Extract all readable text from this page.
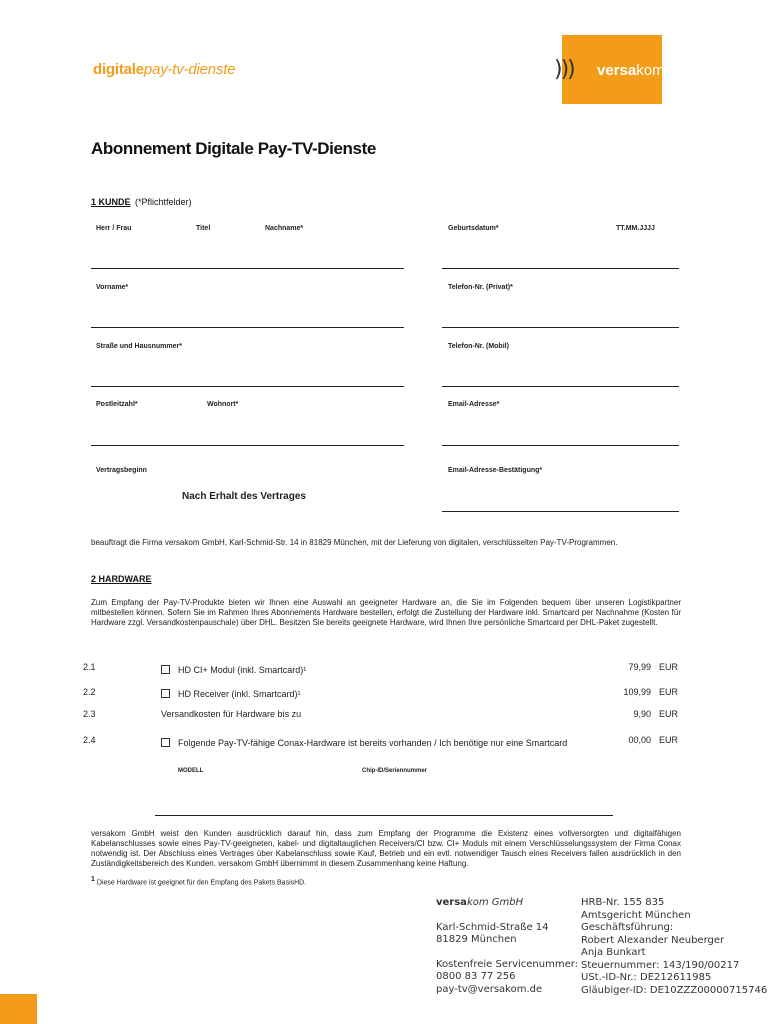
digitalepay-tv-dienste	))) versakom
Abonnement Digitale Pay-TV-Dienste
1 KUNDE (*Pflichtfelder)
Herr / Frau	Titel	Nachname*	Geburtsdatum*	TT.MM.JJJJ
Vorname*	Telefon-Nr. (Privat)*
Straße und Hausnummer*	Telefon-Nr. (Mobil)
Postleitzahl*	Wohnort*	Email-Adresse*
Vertragsbeginn	Email-Adresse-Bestätigung*
Nach Erhalt des Vertrages
beauftragt die Firma versakom GmbH, Karl-Schmid-Str. 14 in 81829 München, mit der Lieferung von digitalen, verschlüsselten Pay-TV-Programmen.
2 HARDWARE
Zum Empfang der Pay-TV-Produkte bieten wir Ihnen eine Auswahl an geeigneter Hardware an, die Sie im Folgenden bequem über unseren Logistikpartner mitbestellen können. Sofern Sie im Rahmen Ihres Abonnements Hardware bestellen, erfolgt die Zustellung der Hardware inkl. Smartcard per Nachnahme (Kosten für Hardware zzgl. Versandkostenpauschale) über DHL. Besitzen Sie bereits geeignete Hardware, wird Ihnen Ihre persönliche Smartcard per DHL-Paket zugestellt.
2.1	HD CI+ Modul (inkl. Smartcard)¹	79,99 EUR
2.2	HD Receiver (inkl. Smartcard)¹	109,99 EUR
2.3	Versandkosten für Hardware bis zu	9,90 EUR
2.4	Folgende Pay-TV-fähige Conax-Hardware ist bereits vorhanden / Ich benötige nur eine Smartcard	00,00 EUR
MODELL	Chip-ID/Seriennummer
versakom GmbH weist den Kunden ausdrücklich darauf hin, dass zum Empfang der Programme die Existenz eines vollversorgten und digitalfähigen Kabelanschlusses sowie eines Pay-TV-geeigneten, kabel- und digitaltauglichen Receivers/CI bzw. CI+ Moduls mit einem Verschlüsselungssystem der Firma Conax notwendig ist. Der Abschluss eines Vertrages über Kabelanschluss sowie Kauf, Betrieb und ein evtl. notwendiger Tausch eines Receivers fallen ausdrücklich in den Zuständigkeitsbereich des Kunden. versakom GmbH übernimmt in diesem Zusammenhang keine Haftung.
$^1$ Diese Hardware ist geeignet für den Empfang des Pakets BasisHD.
versakom GmbH
Karl-Schmid-Straße 14
81829 München
Kostenfreie Servicenummer:
0800 83 77 256
pay-tv@versakom.de
HRB-Nr. 155 835
Amtsgericht München
Geschäftsführung:
Robert Alexander Neuberger
Anja Bunkart
Steuernummer: 143/190/00217
USt.-ID-Nr.: DE212611985
Gläubiger-ID: DE10ZZZ00000715746
